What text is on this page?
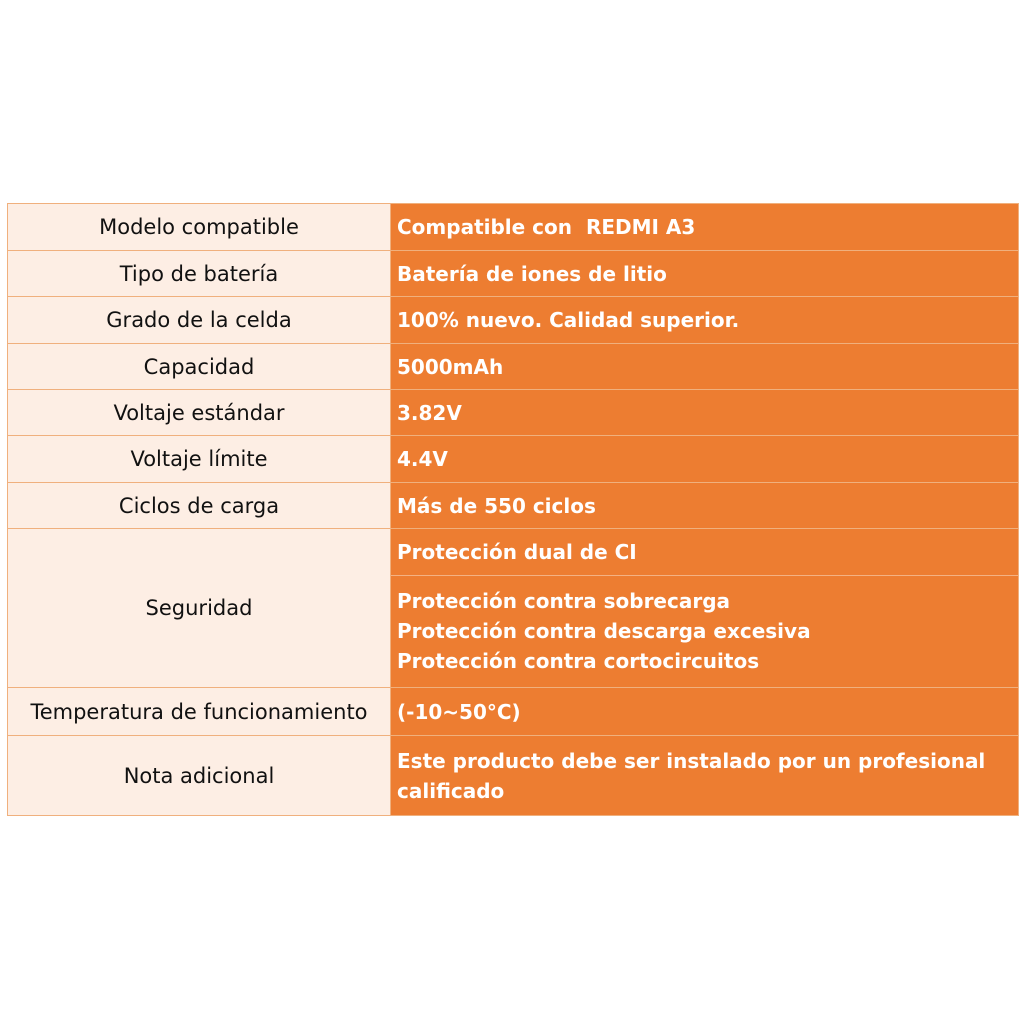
Modelo compatible	Compatible con  REDMI A3
Tipo de batería	Batería de iones de litio
Grado de la celda	100% nuevo. Calidad superior.
Capacidad	5000mAh
Voltaje estándar	3.82V
Voltaje límite	4.4V
Ciclos de carga	Más de 550 ciclos
Seguridad	Protección dual de CI
Protección contra sobrecarga
Protección contra descarga excesiva
Protección contra cortocircuitos

Temperatura de funcionamiento	(-10~50°C)
Nota adicional	Este producto debe ser instalado por un profesional
calificado
